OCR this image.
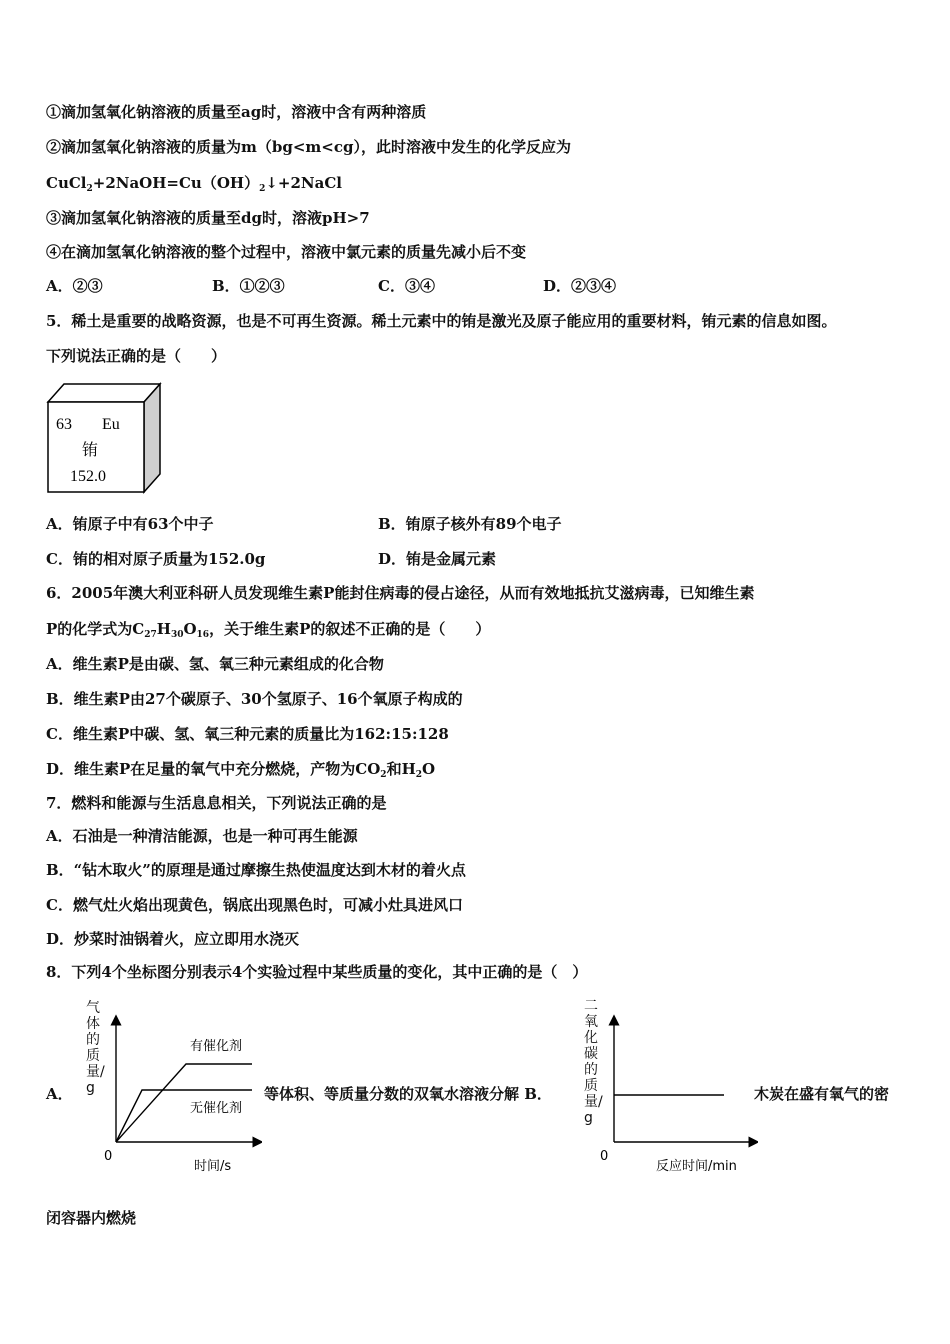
①滴加氢氧化钠溶液的质量至ag时，溶液中含有两种溶质
②滴加氢氧化钠溶液的质量为m（bg<m<cg），此时溶液中发生的化学反应为
$CuCl_2+2NaOH=Cu(OH)_2↓+2NaCl$
③滴加氢氧化钠溶液的质量至dg时，溶液pH>7
④在滴加氢氧化钠溶液的整个过程中，溶液中氯元素的质量先减小后不变
A．②③	B．①②③	C．③④	D．②③④
5．稀土是重要的战略资源，也是不可再生资源。稀土元素中的铕是激光及原子能应用的重要材料，铕元素的信息如图。
下列说法正确的是（　　）
63 Eu
铕
152.0
A．铕原子中有63个中子	B．铕原子核外有89个电子
C．铕的相对原子质量为152.0g	D．铕是金属元素
6．2005年澳大利亚科研人员发现维生素P能封住病毒的侵占途径，从而有效地抵抗艾滋病毒，已知维生素
P的化学式为$C_{27}H_{30}O_{16}$，关于维生素P的叙述不正确的是（　　）
A．维生素P是由碳、氢、氧三种元素组成的化合物
B．维生素P由27个碳原子、30个氢原子、16个氧原子构成的
C．维生素P中碳、氢、氧三种元素的质量比为162:15:128
D．维生素P在足量的氧气中充分燃烧，产物为$CO_2$和$H_2O$
7．燃料和能源与生活息息相关，下列说法正确的是
A．石油是一种清洁能源，也是一种可再生能源
B．“钻木取火”的原理是通过摩擦生热使温度达到木材的着火点
C．燃气灶火焰出现黄色，锅底出现黑色时，可减小灶具进风口
D．炒菜时油锅着火，应立即用水浇灭
8．下列4个坐标图分别表示4个实验过程中某些质量的变化，其中正确的是（　）
A．
0
时间/s
有催化剂
无催化剂
气体的质量/g	等体积、等质量分数的双氧水溶液分解 B．
0
反应时间/min
二氧化碳的质量/g
木炭在盛有氧气的密
闭容器内燃烧
